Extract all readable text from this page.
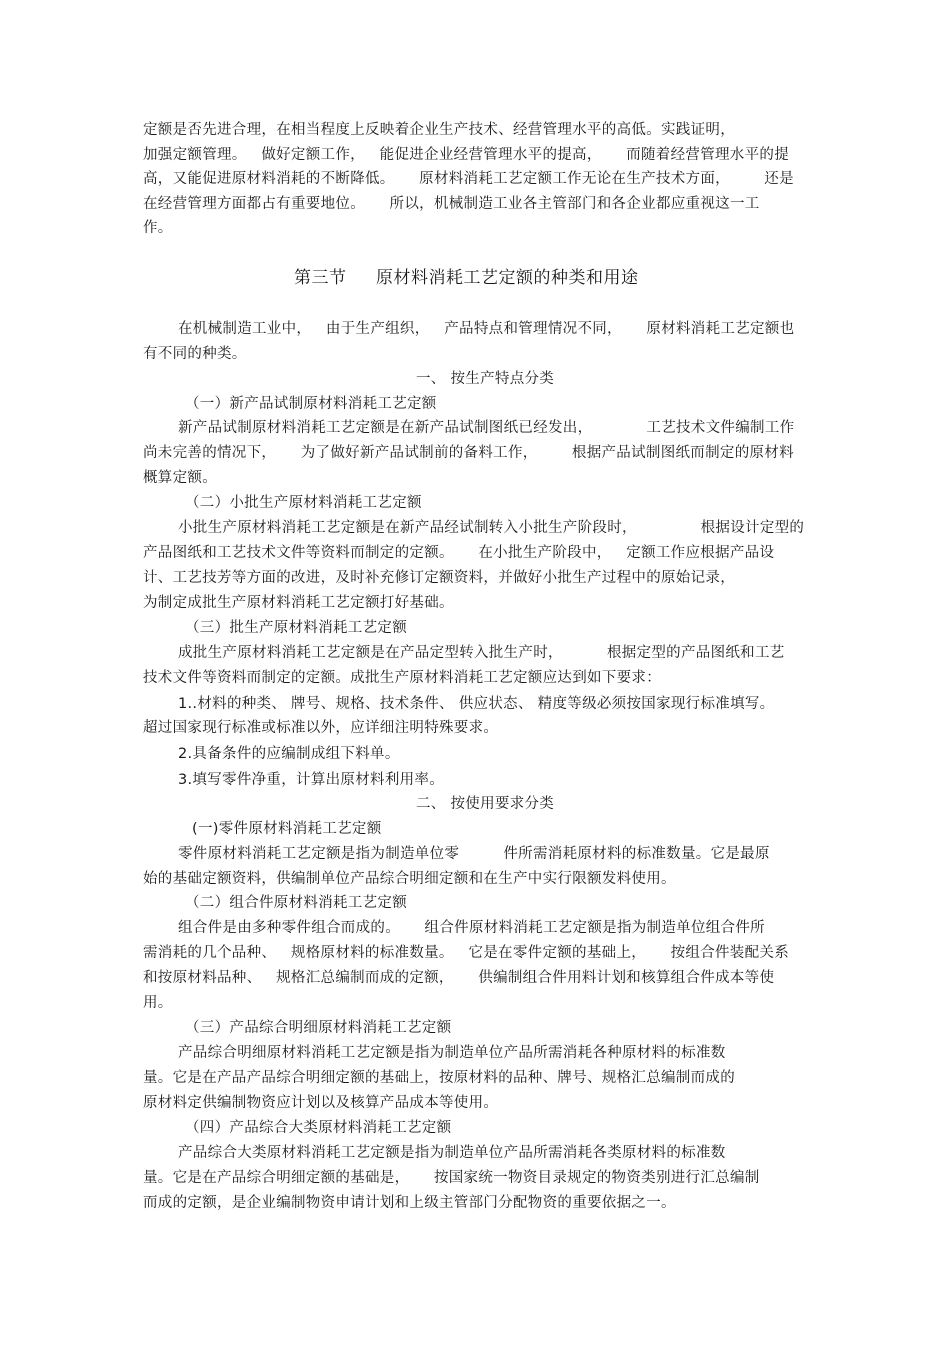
定额是否先进合理，在相当程度上反映着企业生产技术、经营管理水平的高低。实践证明，
加强定额管理。   做好定额工作，   能促进企业经营管理水平的提高，     而随着经营管理水平的提
高，又能促进原材料消耗的不断降低。     原材料消耗工艺定额工作无论在生产技术方面，       还是
在经营管理方面都占有重要地位。     所以，机械制造工业各主管部门和各企业都应重视这一工
作。
第三节     原材料消耗工艺定额的种类和用途
在机械制造工业中，   由于生产组织，   产品特点和管理情况不同，     原材料消耗工艺定额也
有不同的种类。
一、 按生产特点分类
（一）新产品试制原材料消耗工艺定额
新产品试制原材料消耗工艺定额是在新产品试制图纸已经发出，           工艺技术文件编制工作
尚未完善的情况下，     为了做好新产品试制前的备料工作，       根据产品试制图纸而制定的原材料
概算定额。
（二）小批生产原材料消耗工艺定额
小批生产原材料消耗工艺定额是在新产品经试制转入小批生产阶段时，             根据设计定型的
产品图纸和工艺技术文件等资料而制定的定额。     在小批生产阶段中，   定额工作应根据产品设
计、工艺技芳等方面的改进，及时补充修订定额资料，并做好小批生产过程中的原始记录，
为制定成批生产原材料消耗工艺定额打好基础。
（三）批生产原材料消耗工艺定额
成批生产原材料消耗工艺定额是在产品定型转入批生产时，         根据定型的产品图纸和工艺
技术文件等资料而制定的定额。成批生产原材料消耗工艺定额应达到如下要求：
1..材料的种类、 牌号、规格、技术条件、 供应状态、 精度等级必须按国家现行标准填写。
超过国家现行标准或标准以外，应详细注明特殊要求。
2.具备条件的应编制成组下料单。
3.填写零件净重，计算出原材料利用率。
二、 按使用要求分类
(一)零件原材料消耗工艺定额
零件原材料消耗工艺定额是指为制造单位零         件所需消耗原材料的标准数量。它是最原
始的基础定额资料，供编制单位产品综合明细定额和在生产中实行限额发料使用。
（二）组合件原材料消耗工艺定额
组合件是由多种零件组合而成的。     组合件原材料消耗工艺定额是指为制造单位组合件所
需消耗的几个品种、   规格原材料的标准数量。   它是在零件定额的基础上，     按组合件装配关系
和按原材料品种、   规格汇总编制而成的定额，     供编制组合件用料计划和核算组合件成本等使
用。
（三）产品综合明细原材料消耗工艺定额
产品综合明细原材料消耗工艺定额是指为制造单位产品所需消耗各种原材料的标准数
量。它是在产品产品综合明细定额的基础上，按原材料的品种、牌号、规格汇总编制而成的
原材料定供编制物资应计划以及核算产品成本等使用。
（四）产品综合大类原材料消耗工艺定额
产品综合大类原材料消耗工艺定额是指为制造单位产品所需消耗各类原材料的标准数
量。它是在产品综合明细定额的基础是，     按国家统一物资目录规定的物资类别进行汇总编制
而成的定额，是企业编制物资申请计划和上级主管部门分配物资的重要依据之一。
